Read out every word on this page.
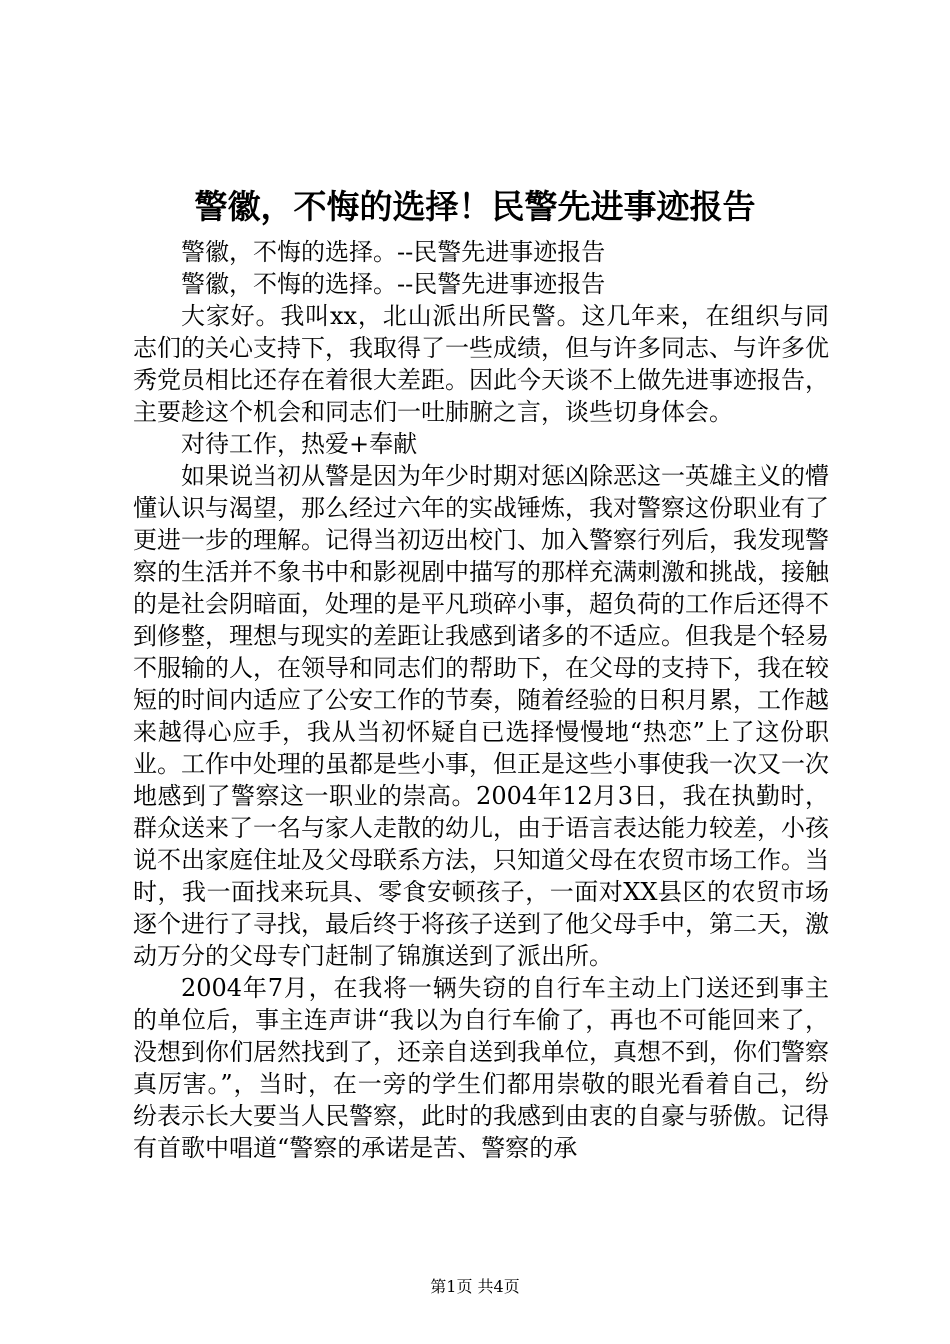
警徽，不悔的选择！民警先进事迹报告

警徽，不悔的选择。--民警先进事迹报告

警徽，不悔的选择。--民警先进事迹报告

大家好。我叫xx，北山派出所民警。这几年来，在组织与同志们的关心支持下，我取得了一些成绩，但与许多同志、与许多优秀党员相比还存在着很大差距。因此今天谈不上做先进事迹报告，主要趁这个机会和同志们一吐肺腑之言，谈些切身体会。

对待工作，热爱+奉献

如果说当初从警是因为年少时期对惩凶除恶这一英雄主义的懵懂认识与渴望，那么经过六年的实战锤炼，我对警察这份职业有了更进一步的理解。记得当初迈出校门、加入警察行列后，我发现警察的生活并不象书中和影视剧中描写的那样充满刺激和挑战，接触的是社会阴暗面，处理的是平凡琐碎小事，超负荷的工作后还得不到修整，理想与现实的差距让我感到诸多的不适应。但我是个轻易不服输的人，在领导和同志们的帮助下，在父母的支持下，我在较短的时间内适应了公安工作的节奏，随着经验的日积月累，工作越来越得心应手，我从当初怀疑自已选择慢慢地“热恋”上了这份职业。工作中处理的虽都是些小事，但正是这些小事使我一次又一次地感到了警察这一职业的崇高。2004年12月3日，我在执勤时，群众送来了一名与家人走散的幼儿，由于语言表达能力较差，小孩说不出家庭住址及父母联系方法，只知道父母在农贸市场工作。当时，我一面找来玩具、零食安顿孩子，一面对XX县区的农贸市场逐个进行了寻找，最后终于将孩子送到了他父母手中，第二天，激动万分的父母专门赶制了锦旗送到了派出所。

2004年7月，在我将一辆失窃的自行车主动上门送还到事主的单位后，事主连声讲“我以为自行车偷了，再也不可能回来了，没想到你们居然找到了，还亲自送到我单位，真想不到，你们警察真厉害。”，当时，在一旁的学生们都用崇敬的眼光看着自己，纷纷表示长大要当人民警察，此时的我感到由衷的自豪与骄傲。记得有首歌中唱道“警察的承诺是苦、警察的承

第1页 共4页
